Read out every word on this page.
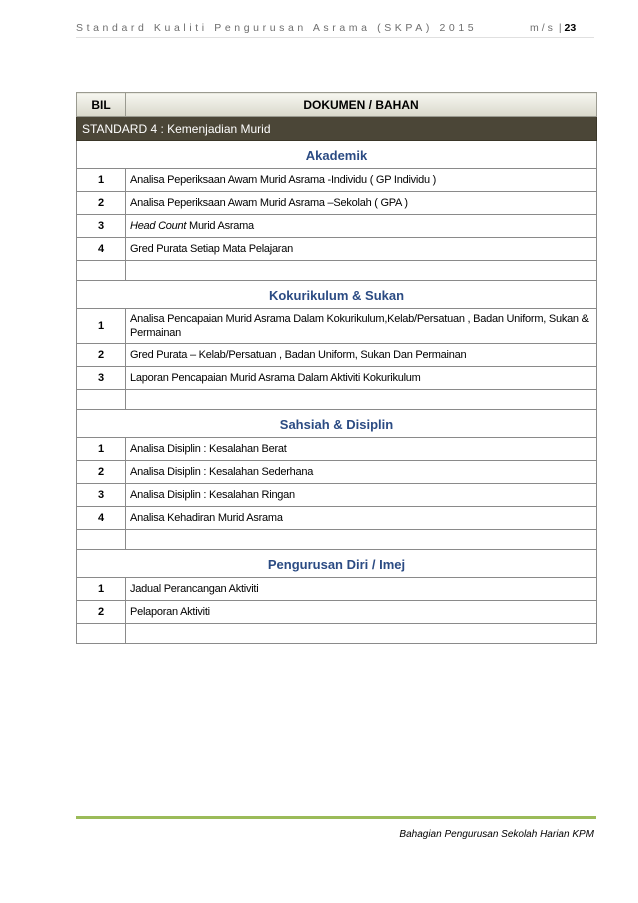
Standard Kualiti Pengurusan Asrama (SKPA) 2015	m/s | 23
BIL	DOKUMEN / BAHAN
STANDARD 4 : Kemenjadian Murid	
Akademik	
1	Analisa Peperiksaan Awam Murid Asrama -Individu ( GP Individu )
2	Analisa Peperiksaan Awam Murid Asrama –Sekolah ( GPA )
3	Head Count Murid Asrama
4	Gred Purata Setiap Mata Pelajaran

Kokurikulum & Sukan	
1	Analisa Pencapaian Murid Asrama Dalam Kokurikulum,Kelab/Persatuan , Badan Uniform, Sukan & Permainan
2	Gred Purata – Kelab/Persatuan , Badan Uniform, Sukan Dan Permainan
3	Laporan Pencapaian Murid Asrama Dalam Aktiviti Kokurikulum

Sahsiah & Disiplin	
1	Analisa Disiplin : Kesalahan Berat
2	Analisa Disiplin : Kesalahan Sederhana
3	Analisa Disiplin : Kesalahan Ringan
4	Analisa Kehadiran Murid Asrama

Pengurusan Diri / Imej	
1	Jadual Perancangan Aktiviti
2	Pelaporan Aktiviti

Bahagian Pengurusan Sekolah Harian KPM
